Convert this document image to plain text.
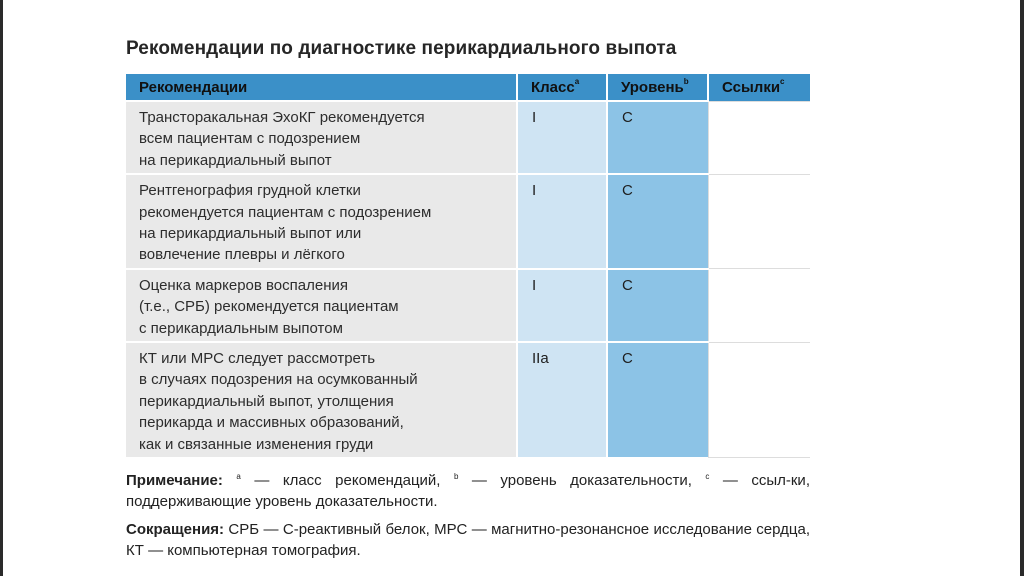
Рекомендации по диагностике перикардиального выпота
Рекомендации	Класс$^a$	Уровень$^b$	Ссылки$^c$

Трансторакальная ЭхоКГ рекомендуется
всем пациентам с подозрением
на перикардиальный выпот	I	C	

Рентгенография грудной клетки
рекомендуется пациентам с подозрением
на перикардиальный выпот или
вовлечение плевры и лёгкого	I	C	

Оценка маркеров воспаления
(т.е., СРБ) рекомендуется пациентам
с перикардиальным выпотом	I	C	

КТ или МРС следует рассмотреть
в случаях подозрения на осумкованный
перикардиальный выпот, утолщения
перикарда и массивных образований,
как и связанные изменения груди	IIa	C	
Примечание: $^a$ — класс рекомендаций, $^b$ — уровень доказательности, $^c$ — ссыл-ки, поддерживающие уровень доказательности.
Сокращения: СРБ — С-реактивный белок, МРС — магнитно-резонансное исследование сердца, КТ — компьютерная томография.
